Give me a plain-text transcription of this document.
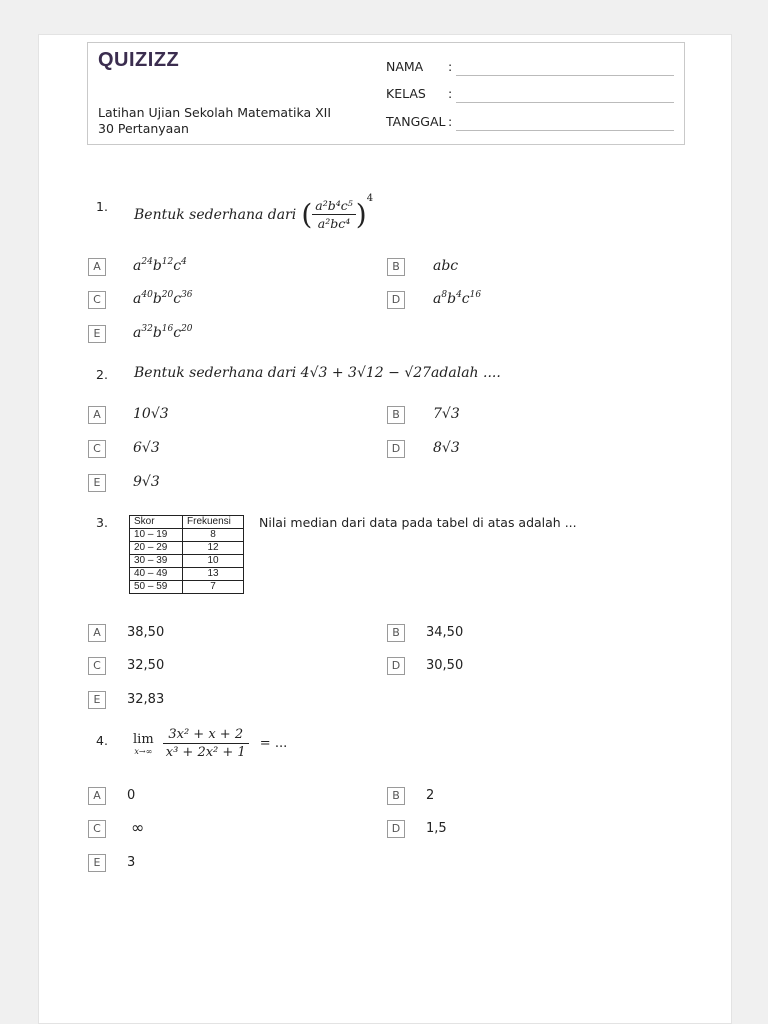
QUIZIZZ
Latihan Ujian Sekolah Matematika XII
30 Pertanyaan
NAMA :
KELAS :
TANGGAL :
1.
Bentuk sederhana dari ( $\frac{\text{a²b⁴c⁵}}{\text{a²bc⁴}} )^4$
A	$a^{24}b^{12}c^4$	B	abc
C	$a^{40}b^{20}c^{36}$	D	$a^8b^4c^{16}$
E	$a^{32}b^{16}c^{20}$
2. Bentuk sederhana dari 4√3 + 3√12 − √27adalah ....
A	10√3	B	7√3
C	6√3	D	8√3
E	9√3
3.	Skor	Frekuensi
10 – 19	8
20 – 29	12
30 – 39	10
40 – 49	13
50 – 59	7
Nilai median dari data pada tabel di atas adalah ...
A	38,50	B	34,50
C	32,50	D	30,50
E	32,83
4. lim
x→∞
$\frac{\text{3x² + x + 2}}{\text{x³ + 2x² + 1}}$ = ...
A	0	B	2
C	∞	D	1,5
E	3
